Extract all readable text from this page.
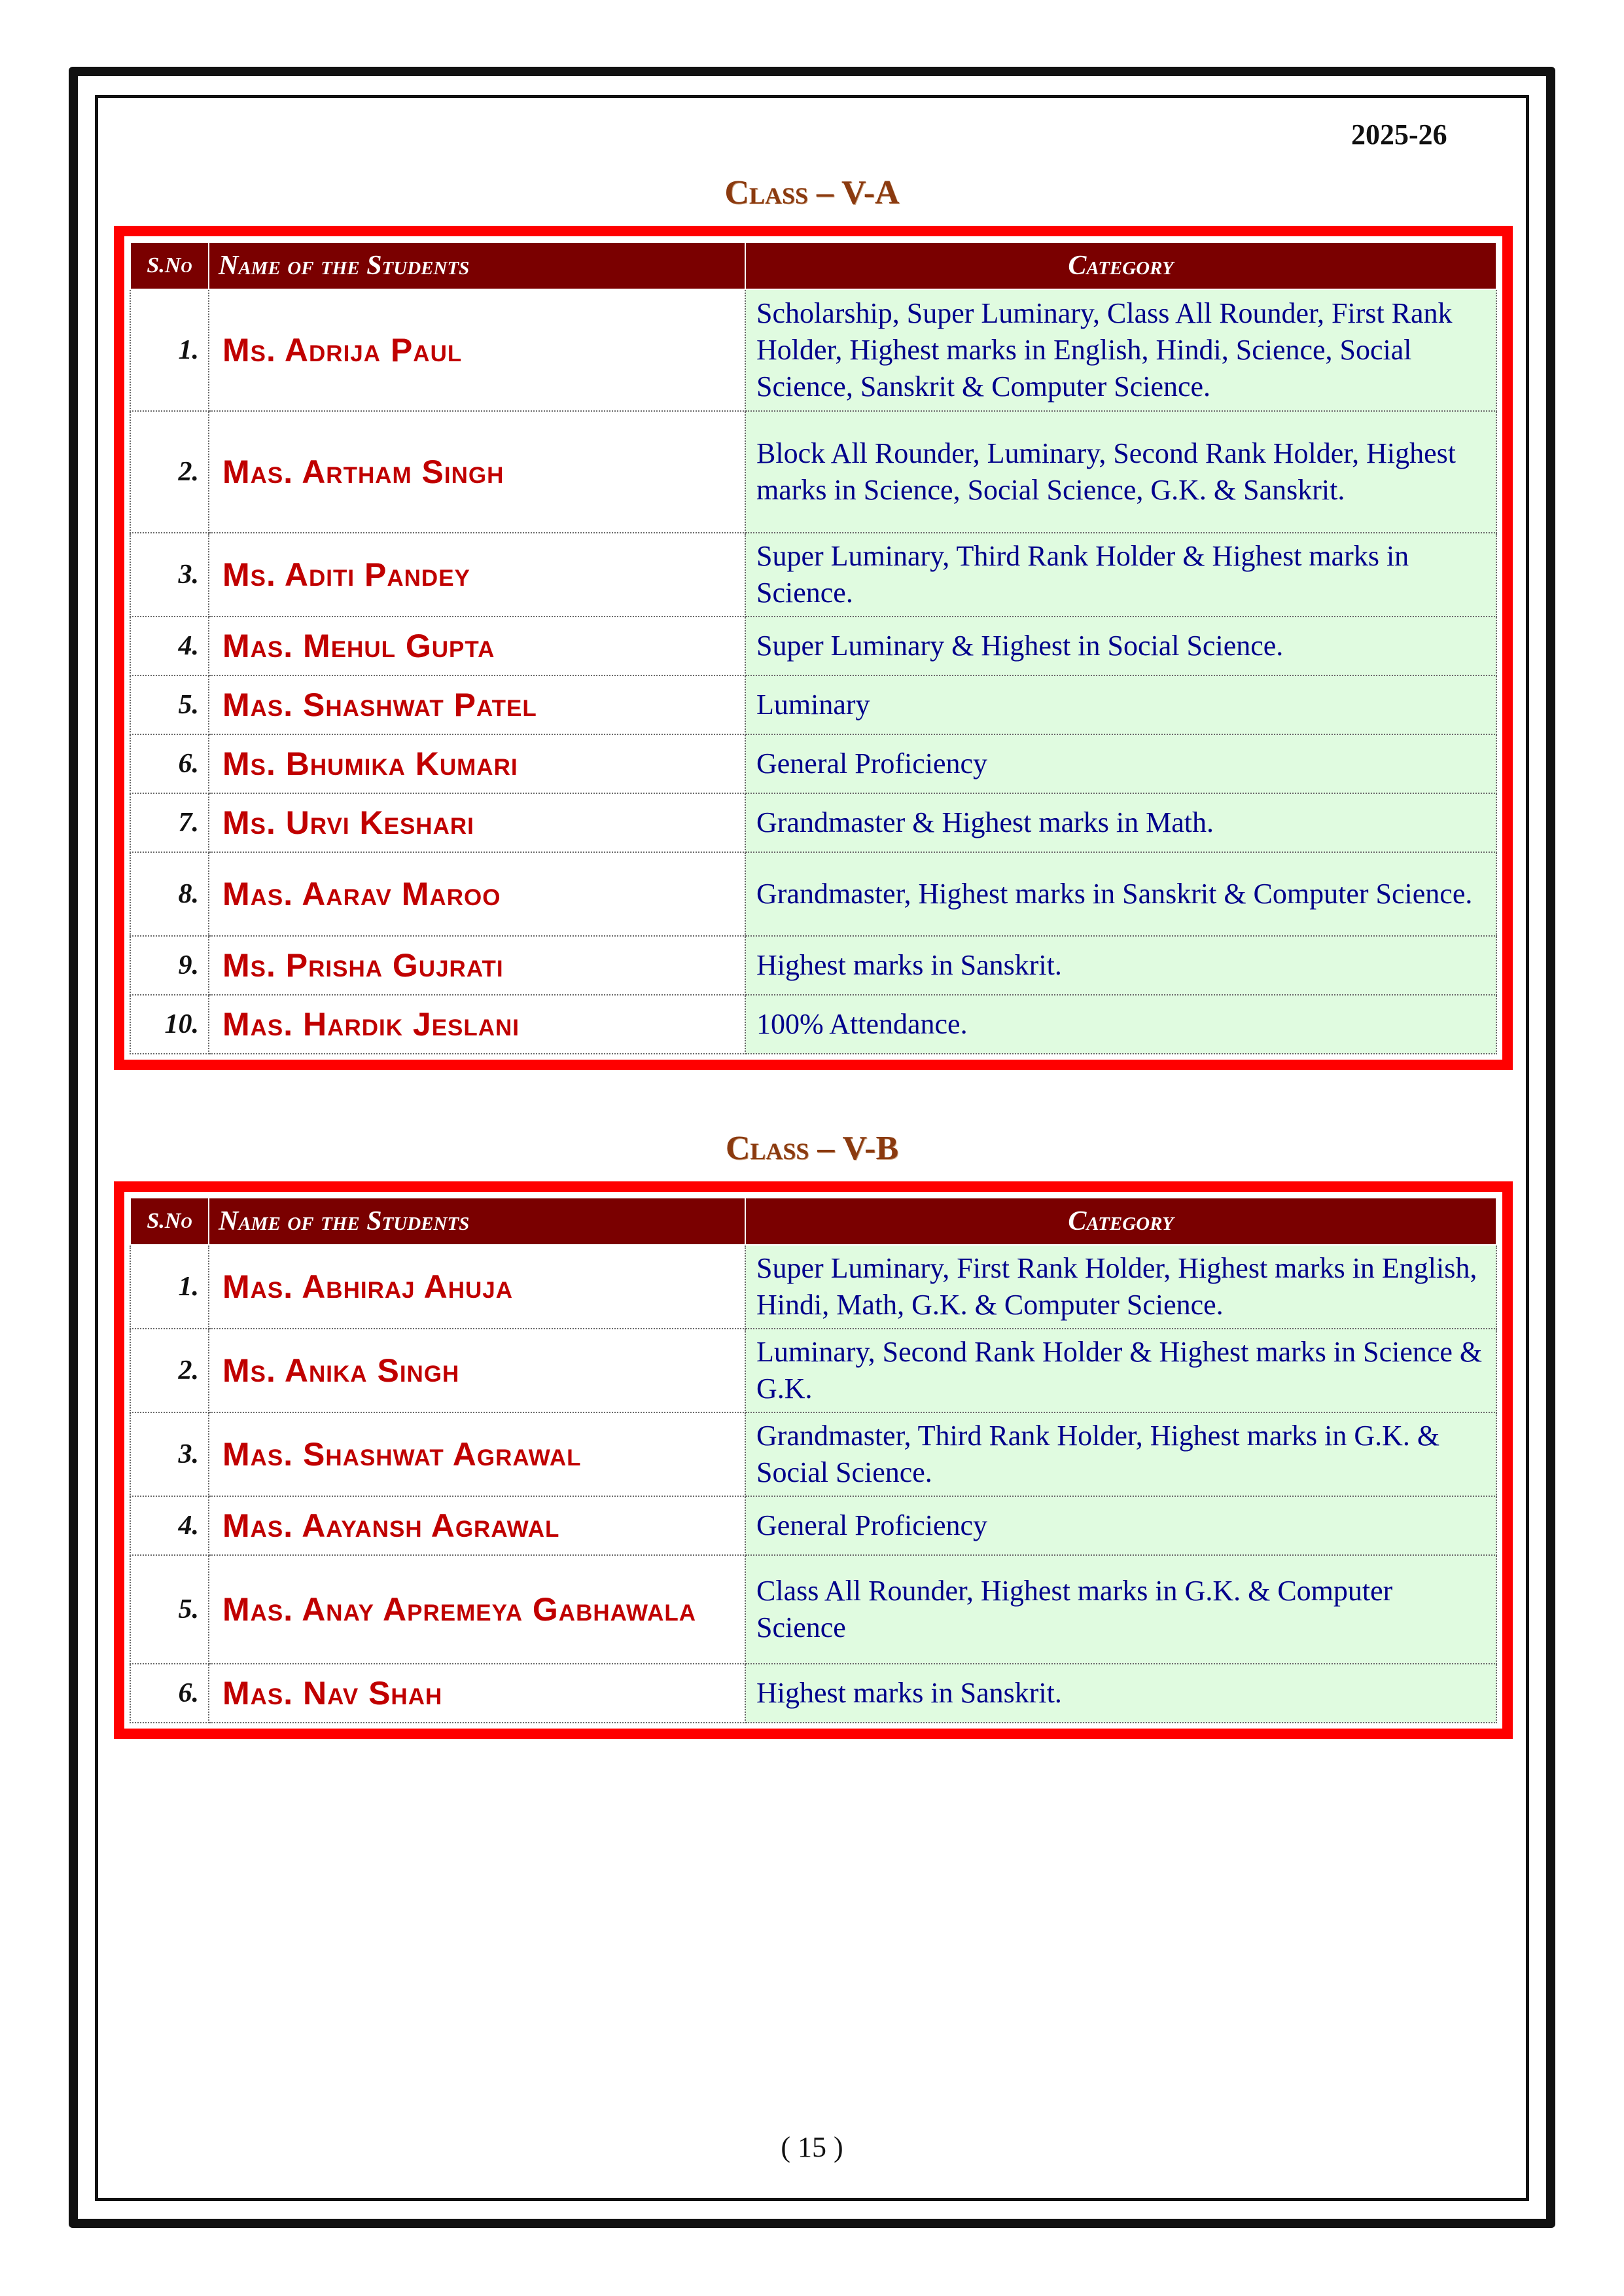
2025-26
Class – V-A
S.No	Name of the Students	Category
1.	Ms. Adrija Paul	Scholarship, Super Luminary, Class All Rounder, First Rank Holder, Highest marks in English, Hindi, Science, Social Science, Sanskrit & Computer Science.
2.	Mas. Artham Singh	Block All Rounder, Luminary, Second Rank Holder, Highest marks in Science, Social Science, G.K. & Sanskrit.
3.	Ms. Aditi Pandey	Super Luminary, Third Rank Holder & Highest marks in Science.
4.	Mas. Mehul Gupta	Super Luminary & Highest in Social Science.
5.	Mas. Shashwat Patel	Luminary
6.	Ms. Bhumika Kumari	General Proficiency
7.	Ms. Urvi Keshari	Grandmaster & Highest marks in Math.
8.	Mas. Aarav Maroo	Grandmaster, Highest marks in Sanskrit & Computer Science.
9.	Ms. Prisha Gujrati	Highest marks in Sanskrit.
10.	Mas. Hardik Jeslani	100% Attendance.
Class – V-B
S.No	Name of the Students	Category
1.	Mas. Abhiraj Ahuja	Super Luminary, First Rank Holder, Highest marks in English, Hindi, Math, G.K. & Computer Science.
2.	Ms. Anika Singh	Luminary, Second Rank Holder & Highest marks in Science & G.K.
3.	Mas. Shashwat Agrawal	Grandmaster, Third Rank Holder, Highest marks in G.K. & Social Science.
4.	Mas. Aayansh Agrawal	General Proficiency
5.	Mas. Anay Apremeya Gabhawala	Class All Rounder, Highest marks in G.K. & Computer Science
6.	Mas. Nav Shah	Highest marks in Sanskrit.
( 15 )
